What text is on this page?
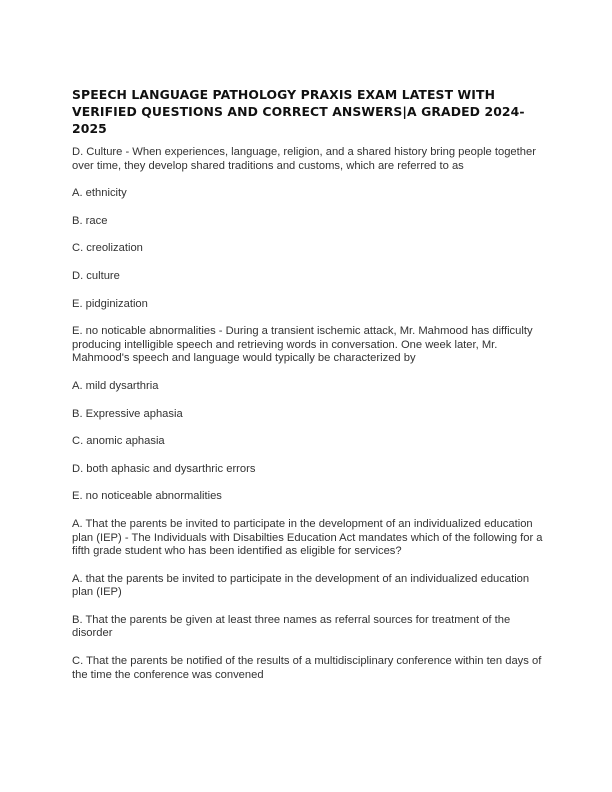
SPEECH LANGUAGE PATHOLOGY PRAXIS EXAM LATEST WITH VERIFIED QUESTIONS AND CORRECT ANSWERS|A GRADED 2024-2025

D. Culture - When experiences, language, religion, and a shared history bring people together over time, they develop shared traditions and customs, which are referred to as

A. ethnicity

B. race

C. creolization

D. culture

E. pidginization

E. no noticable abnormalities - During a transient ischemic attack, Mr. Mahmood has difficulty producing intelligible speech and retrieving words in conversation. One week later, Mr. Mahmood's speech and language would typically be characterized by

A. mild dysarthria

B. Expressive aphasia

C. anomic aphasia

D. both aphasic and dysarthric errors

E. no noticeable abnormalities

A. That the parents be invited to participate in the development of an individualized education plan (IEP) - The Individuals with Disabilties Education Act mandates which of the following for a fifth grade student who has been identified as eligible for services?

A. that the parents be invited to participate in the development of an individualized education plan (IEP)

B. That the parents be given at least three names as referral sources for treatment of the disorder

C. That the parents be notified of the results of a multidisciplinary conference within ten days of the time the conference was convened
